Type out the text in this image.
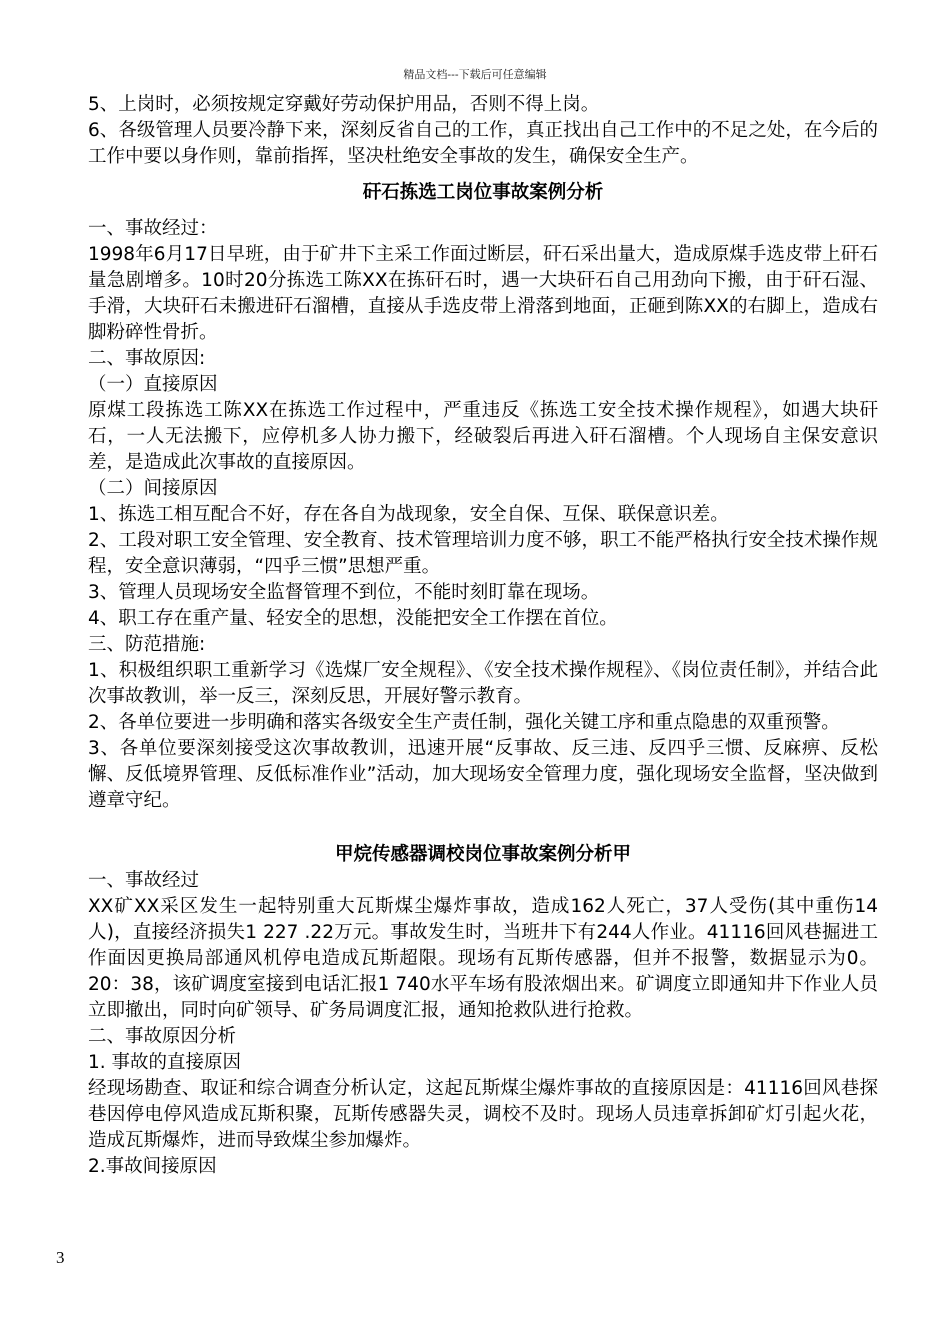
精品文档---下载后可任意编辑

5、上岗时，必须按规定穿戴好劳动保护用品，否则不得上岗。

6、各级管理人员要冷静下来，深刻反省自己的工作，真正找出自己工作中的不足之处，在今后的工作中要以身作则，靠前指挥，坚决杜绝安全事故的发生，确保安全生产。

矸石拣选工岗位事故案例分析

一、事故经过：

1998年6月17日早班，由于矿井下主采工作面过断层，矸石采出量大，造成原煤手选皮带上矸石量急剧增多。10时20分拣选工陈XX在拣矸石时，遇一大块矸石自己用劲向下搬，由于矸石湿、手滑，大块矸石未搬进矸石溜槽，直接从手选皮带上滑落到地面，正砸到陈XX的右脚上，造成右脚粉碎性骨折。

二、事故原因:

（一）直接原因

原煤工段拣选工陈XX在拣选工作过程中，严重违反《拣选工安全技术操作规程》，如遇大块矸石，一人无法搬下，应停机多人协力搬下，经破裂后再进入矸石溜槽。个人现场自主保安意识差，是造成此次事故的直接原因。

（二）间接原因

1、拣选工相互配合不好，存在各自为战现象，安全自保、互保、联保意识差。

2、工段对职工安全管理、安全教育、技术管理培训力度不够，职工不能严格执行安全技术操作规程，安全意识薄弱，“四乎三惯”思想严重。

3、管理人员现场安全监督管理不到位，不能时刻盯靠在现场。

4、职工存在重产量、轻安全的思想，没能把安全工作摆在首位。

三、防范措施:

1、积极组织职工重新学习《选煤厂安全规程》、《安全技术操作规程》、《岗位责任制》，并结合此次事故教训，举一反三，深刻反思，开展好警示教育。

2、各单位要进一步明确和落实各级安全生产责任制，强化关键工序和重点隐患的双重预警。

3、各单位要深刻接受这次事故教训，迅速开展“反事故、反三违、反四乎三惯、反麻痹、反松懈、反低境界管理、反低标准作业”活动，加大现场安全管理力度，强化现场安全监督，坚决做到遵章守纪。

甲烷传感器调校岗位事故案例分析甲

一、事故经过

XX矿XX采区发生一起特别重大瓦斯煤尘爆炸事故，造成162人死亡，37人受伤(其中重伤14人)，直接经济损失1 227 .22万元。事故发生时，当班井下有244人作业。41116回风巷掘进工作面因更换局部通风机停电造成瓦斯超限。现场有瓦斯传感器，但并不报警，数据显示为0。20：38，该矿调度室接到电话汇报1 740水平车场有股浓烟出来。矿调度立即通知井下作业人员立即撤出，同时向矿领导、矿务局调度汇报，通知抢救队进行抢救。

二、事故原因分析

1. 事故的直接原因

经现场勘查、取证和综合调查分析认定，这起瓦斯煤尘爆炸事故的直接原因是：41116回风巷探巷因停电停风造成瓦斯积聚，瓦斯传感器失灵，调校不及时。现场人员违章拆卸矿灯引起火花，造成瓦斯爆炸，进而导致煤尘参加爆炸。

2.事故间接原因

3
